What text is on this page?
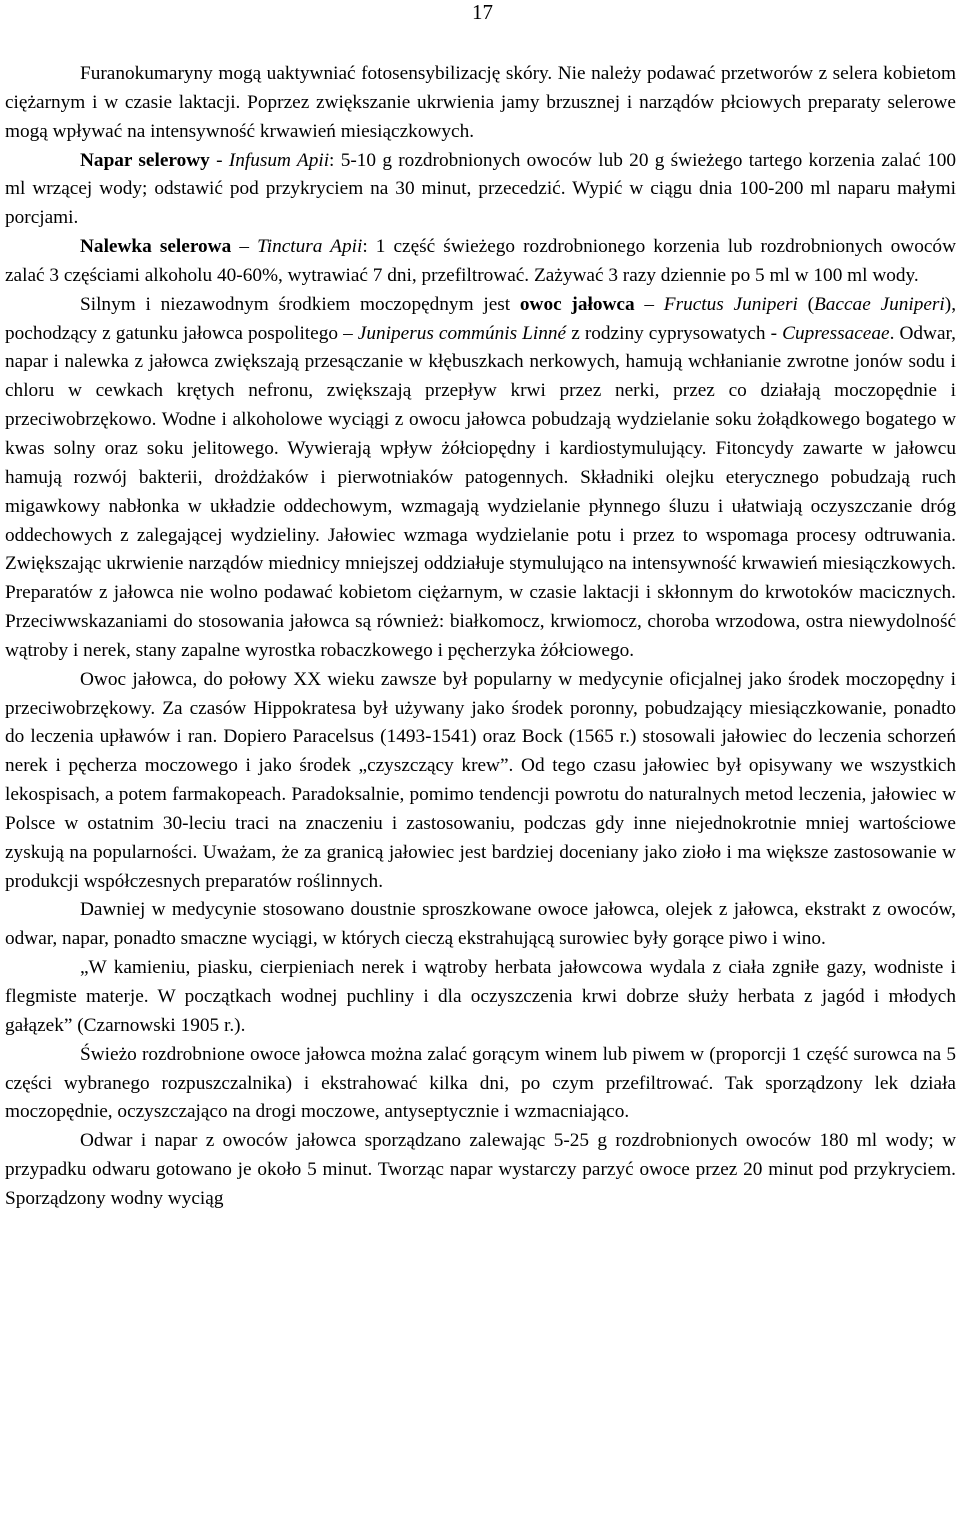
17

Furanokumaryny mogą uaktywniać fotosensybilizację skóry. Nie należy podawać przetworów z selera kobietom ciężarnym i w czasie laktacji. Poprzez zwiększanie ukrwienia jamy brzusznej i narządów płciowych preparaty selerowe mogą wpływać na intensywność krwawień miesiączkowych.

Napar selerowy - Infusum Apii: 5-10 g rozdrobnionych owoców lub 20 g świeżego tartego korzenia zalać 100 ml wrzącej wody; odstawić pod przykryciem na 30 minut, przecedzić. Wypić w ciągu dnia 100-200 ml naparu małymi porcjami.

Nalewka selerowa – Tinctura Apii: 1 część świeżego rozdrobnionego korzenia lub rozdrobnionych owoców zalać 3 częściami alkoholu 40-60%, wytrawiać 7 dni, przefiltrować. Zażywać 3 razy dziennie po 5 ml w 100 ml wody.

Silnym i niezawodnym środkiem moczopędnym jest owoc jałowca – Fructus Juniperi (Baccae Juniperi), pochodzący z gatunku jałowca pospolitego – Juniperus commúnis Linné z rodziny cyprysowatych - Cupressaceae. Odwar, napar i nalewka z jałowca zwiększają przesączanie w kłębuszkach nerkowych, hamują wchłanianie zwrotne jonów sodu i chloru w cewkach krętych nefronu, zwiększają przepływ krwi przez nerki, przez co działają moczopędnie i przeciwobrzękowo. Wodne i alkoholowe wyciągi z owocu jałowca pobudzają wydzielanie soku żołądkowego bogatego w kwas solny oraz soku jelitowego. Wywierają wpływ żółciopędny i kardiostymulujący. Fitoncydy zawarte w jałowcu hamują rozwój bakterii, drożdżaków i pierwotniaków patogennych. Składniki olejku eterycznego pobudzają ruch migawkowy nabłonka w układzie oddechowym, wzmagają wydzielanie płynnego śluzu i ułatwiają oczyszczanie dróg oddechowych z zalegającej wydzieliny. Jałowiec wzmaga wydzielanie potu i przez to wspomaga procesy odtruwania. Zwiększając ukrwienie narządów miednicy mniejszej oddziałuje stymulująco na intensywność krwawień miesiączkowych. Preparatów z jałowca nie wolno podawać kobietom ciężarnym, w czasie laktacji i skłonnym do krwotoków macicznych. Przeciwwskazaniami do stosowania jałowca są również: białkomocz, krwiomocz, choroba wrzodowa, ostra niewydolność wątroby i nerek, stany zapalne wyrostka robaczkowego i pęcherzyka żółciowego.

Owoc jałowca, do połowy XX wieku zawsze był popularny w medycynie oficjalnej jako środek moczopędny i przeciwobrzękowy. Za czasów Hippokratesa był używany jako środek poronny, pobudzający miesiączkowanie, ponadto do leczenia upławów i ran. Dopiero Paracelsus (1493-1541) oraz Bock (1565 r.) stosowali jałowiec do leczenia schorzeń nerek i pęcherza moczowego i jako środek „czyszczący krew”. Od tego czasu jałowiec był opisywany we wszystkich lekospisach, a potem farmakopeach. Paradoksalnie, pomimo tendencji powrotu do naturalnych metod leczenia, jałowiec w Polsce w ostatnim 30-leciu traci na znaczeniu i zastosowaniu, podczas gdy inne niejednokrotnie mniej wartościowe zyskują na popularności. Uważam, że za granicą jałowiec jest bardziej doceniany jako zioło i ma większe zastosowanie w produkcji współczesnych preparatów roślinnych.

Dawniej w medycynie stosowano doustnie sproszkowane owoce jałowca, olejek z jałowca, ekstrakt z owoców, odwar, napar, ponadto smaczne wyciągi, w których cieczą ekstrahującą surowiec były gorące piwo i wino.

„W kamieniu, piasku, cierpieniach nerek i wątroby herbata jałowcowa wydala z ciała zgniłe gazy, wodniste i flegmiste materje. W początkach wodnej puchliny i dla oczyszczenia krwi dobrze służy herbata z jagód i młodych gałązek” (Czarnowski 1905 r.).

Świeżo rozdrobnione owoce jałowca można zalać gorącym winem lub piwem w (proporcji 1 część surowca na 5 części wybranego rozpuszczalnika) i ekstrahować kilka dni, po czym przefiltrować. Tak sporządzony lek działa moczopędnie, oczyszczająco na drogi moczowe, antyseptycznie i wzmacniająco.

Odwar i napar z owoców jałowca sporządzano zalewając 5-25 g rozdrobnionych owoców 180 ml wody; w przypadku odwaru gotowano je około 5 minut. Tworząc napar wystarczy parzyć owoce przez 20 minut pod przykryciem. Sporządzony wodny wyciąg
